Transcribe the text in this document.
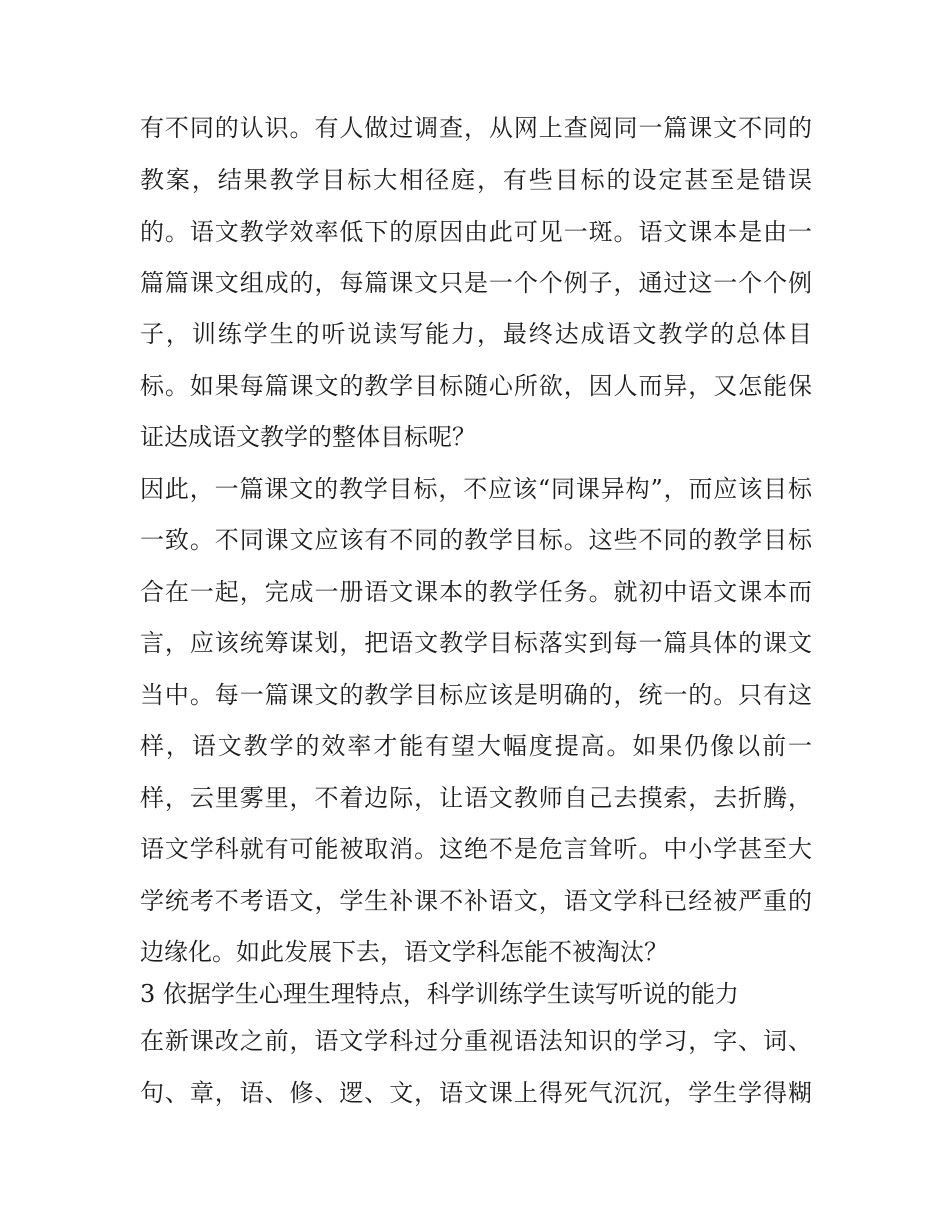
有不同的认识。有人做过调查，从网上查阅同一篇课文不同的
教案，结果教学目标大相径庭，有些目标的设定甚至是错误
的。语文教学效率低下的原因由此可见一斑。语文课本是由一
篇篇课文组成的，每篇课文只是一个个例子，通过这一个个例
子，训练学生的听说读写能力，最终达成语文教学的总体目
标。如果每篇课文的教学目标随心所欲，因人而异，又怎能保
证达成语文教学的整体目标呢？
因此，一篇课文的教学目标，不应该“同课异构”，而应该目标
一致。不同课文应该有不同的教学目标。这些不同的教学目标
合在一起，完成一册语文课本的教学任务。就初中语文课本而
言，应该统筹谋划，把语文教学目标落实到每一篇具体的课文
当中。每一篇课文的教学目标应该是明确的，统一的。只有这
样，语文教学的效率才能有望大幅度提高。如果仍像以前一
样，云里雾里，不着边际，让语文教师自己去摸索，去折腾，
语文学科就有可能被取消。这绝不是危言耸听。中小学甚至大
学统考不考语文，学生补课不补语文，语文学科已经被严重的
边缘化。如此发展下去，语文学科怎能不被淘汰？
3 依据学生心理生理特点，科学训练学生读写听说的能力
在新课改之前，语文学科过分重视语法知识的学习，字、词、
句、章，语、修、逻、文，语文课上得死气沉沉，学生学得糊
